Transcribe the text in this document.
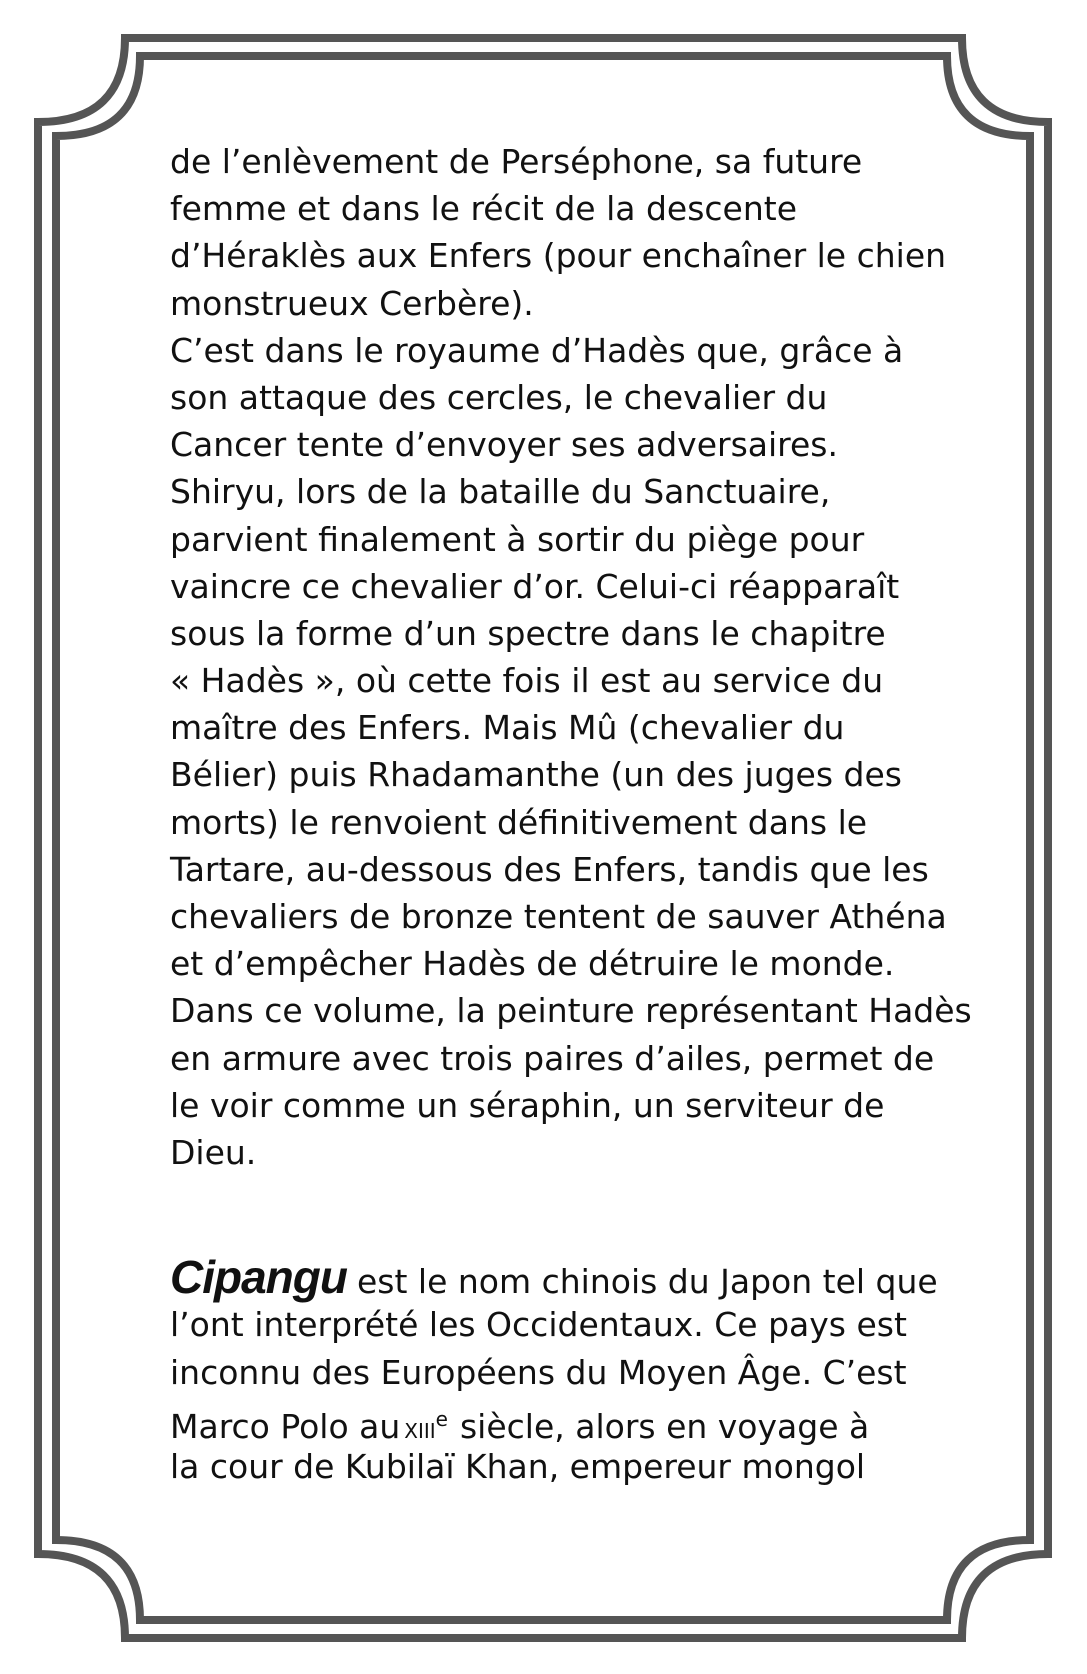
de l’enlèvement de Perséphone, sa future
femme et dans le récit de la descente
d’Héraklès aux Enfers (pour enchaîner le chien
monstrueux Cerbère).
C’est dans le royaume d’Hadès que, grâce à
son attaque des cercles, le chevalier du
Cancer tente d’envoyer ses adversaires.
Shiryu, lors de la bataille du Sanctuaire,
parvient finalement à sortir du piège pour
vaincre ce chevalier d’or. Celui-ci réapparaît
sous la forme d’un spectre dans le chapitre
« Hadès », où cette fois il est au service du
maître des Enfers. Mais Mû (chevalier du
Bélier) puis Rhadamanthe (un des juges des
morts) le renvoient définitivement dans le
Tartare, au-dessous des Enfers, tandis que les
chevaliers de bronze tentent de sauver Athéna
et d’empêcher Hadès de détruire le monde.
Dans ce volume, la peinture représentant Hadès
en armure avec trois paires d’ailes, permet de
le voir comme un séraphin, un serviteur de
Dieu.
Cipangu est le nom chinois du Japon tel que
l’ont interprété les Occidentaux. Ce pays est
inconnu des Européens du Moyen Âge. C’est
Marco Polo au XIIIe siècle, alors en voyage à
la cour de Kubilaï Khan, empereur mongol
